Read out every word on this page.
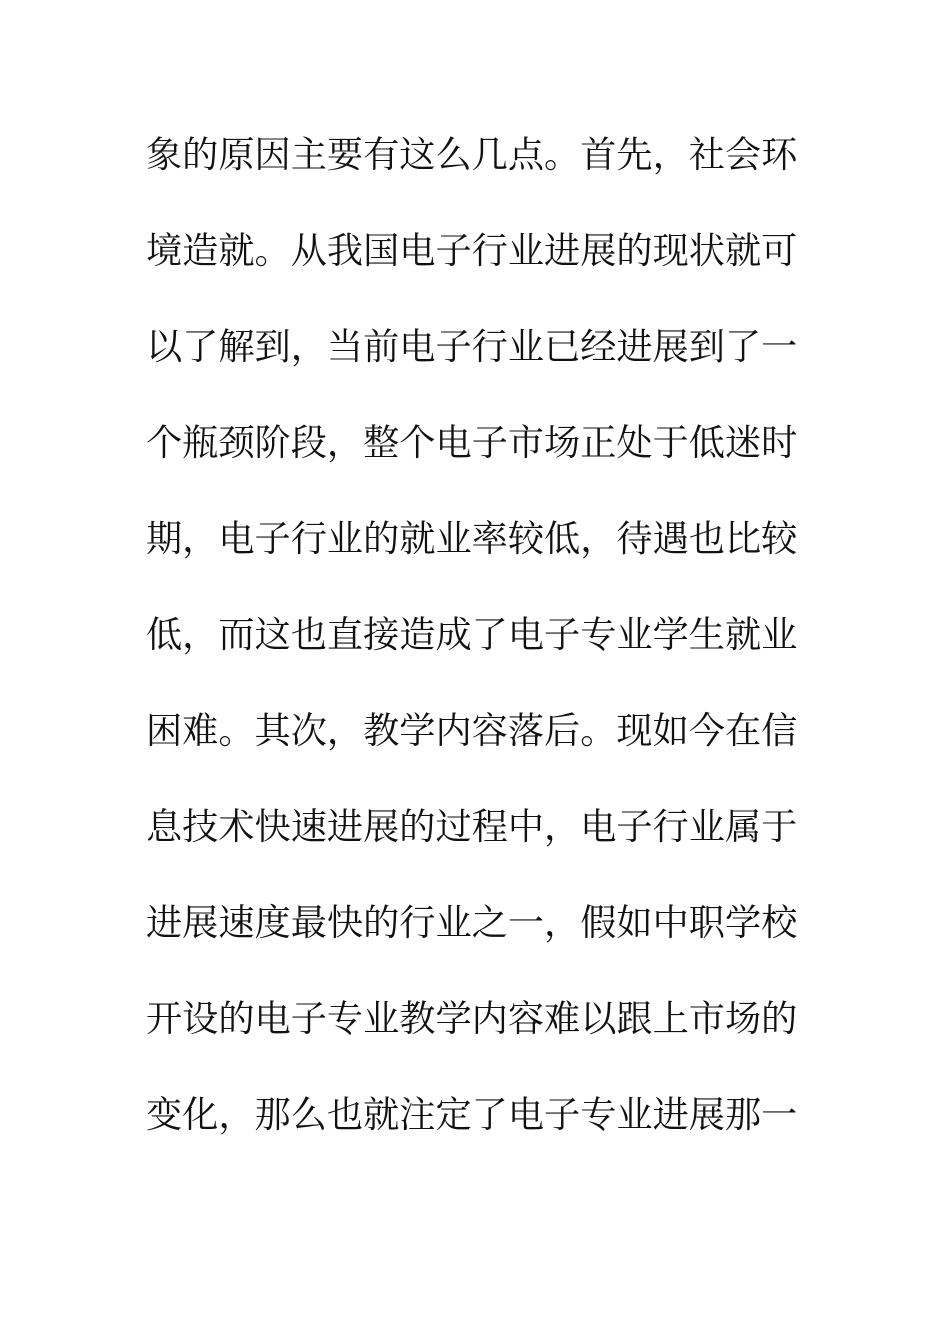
象的原因主要有这么几点。首先，社会环
境造就。从我国电子行业进展的现状就可
以了解到，当前电子行业已经进展到了一
个瓶颈阶段，整个电子市场正处于低迷时
期，电子行业的就业率较低，待遇也比较
低，而这也直接造成了电子专业学生就业
困难。其次，教学内容落后。现如今在信
息技术快速进展的过程中，电子行业属于
进展速度最快的行业之一，假如中职学校
开设的电子专业教学内容难以跟上市场的
变化，那么也就注定了电子专业进展那一
